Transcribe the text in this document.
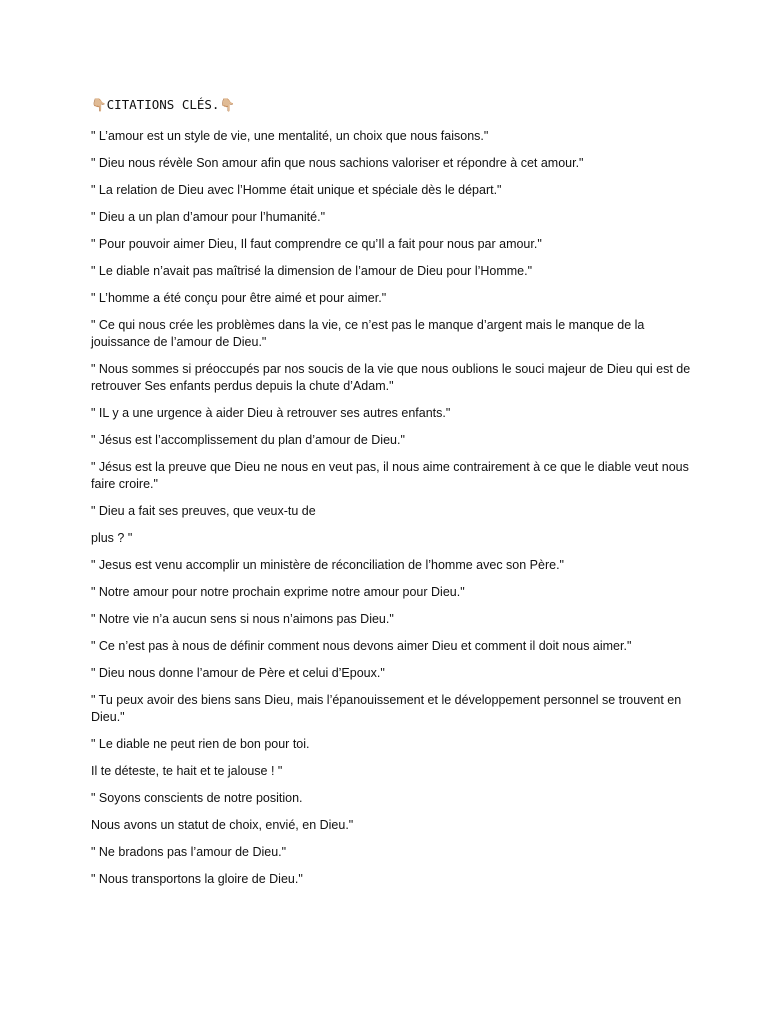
👇🏼CITATIONS CLÉS.👇🏼

" L’amour est un style de vie, une mentalité, un choix que nous faisons."

" Dieu nous révèle Son amour afin que nous sachions valoriser et répondre à cet amour."

" La relation de Dieu avec l’Homme était unique et spéciale dès le départ."

" Dieu a un plan d’amour pour l’humanité."

" Pour pouvoir aimer Dieu, Il faut comprendre ce qu’Il a fait pour nous par amour."

" Le diable n’avait pas maîtrisé la dimension de l’amour de Dieu pour l’Homme."

" L’homme a été conçu pour être aimé et pour aimer."

" Ce qui nous crée les problèmes dans la vie, ce n’est pas le manque d’argent mais le manque de la jouissance de l’amour de Dieu."

" Nous sommes si préoccupés par nos soucis de la vie que nous oublions le souci majeur de Dieu qui est de retrouver Ses enfants perdus depuis la chute d’Adam."

" IL y a une urgence à aider Dieu à retrouver ses autres enfants."

" Jésus est l’accomplissement du plan d’amour de Dieu."

" Jésus est la preuve que Dieu ne nous en veut pas, il nous aime contrairement à ce que le diable veut nous faire croire."

" Dieu a fait ses preuves, que veux-tu de

plus ? "

" Jesus est venu accomplir un ministère de réconciliation de l’homme avec son Père."

" Notre amour pour notre prochain exprime notre amour pour Dieu."

" Notre vie n’a aucun sens si nous n’aimons pas Dieu."

" Ce n’est pas à nous de définir comment nous devons aimer Dieu et comment il doit nous aimer."

" Dieu nous donne l’amour de Père et celui d’Epoux."

" Tu peux avoir des biens sans Dieu, mais l’épanouissement et le développement personnel se trouvent en Dieu."

" Le diable ne peut rien de bon pour toi.

Il te déteste, te hait et te jalouse ! "

" Soyons conscients de notre position.

Nous avons un statut de choix, envié, en Dieu."

" Ne bradons pas l’amour de Dieu."

" Nous transportons la gloire de Dieu."
